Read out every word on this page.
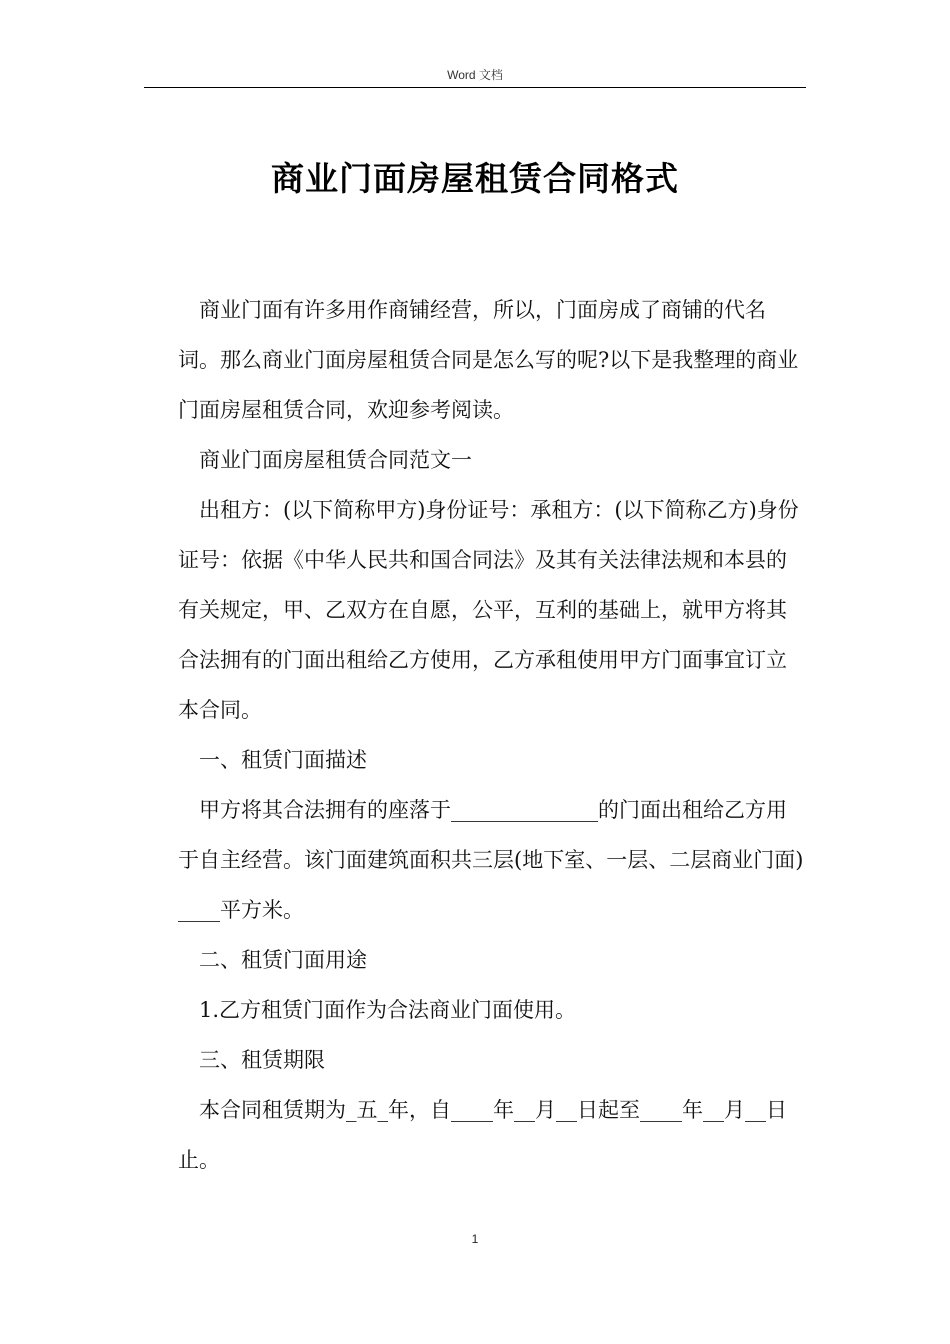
Word 文档
商业门面房屋租赁合同格式

商业门面有许多用作商铺经营，所以，门面房成了商铺的代名词。那么商业门面房屋租赁合同是怎么写的呢?以下是我整理的商业门面房屋租赁合同，欢迎参考阅读。

商业门面房屋租赁合同范文一

出租方：(以下简称甲方)身份证号：承租方：(以下简称乙方)身份证号：依据《中华人民共和国合同法》及其有关法律法规和本县的有关规定，甲、乙双方在自愿，公平，互利的基础上，就甲方将其合法拥有的门面出租给乙方使用，乙方承租使用甲方门面事宜订立本合同。

一、租赁门面描述

甲方将其合法拥有的座落于______________的门面出租给乙方用于自主经营。该门面建筑面积共三层(地下室、一层、二层商业门面)____平方米。

二、租赁门面用途

1.乙方租赁门面作为合法商业门面使用。

三、租赁期限

本合同租赁期为_五_年，自____年__月__日起至____年__月__日止。

1
